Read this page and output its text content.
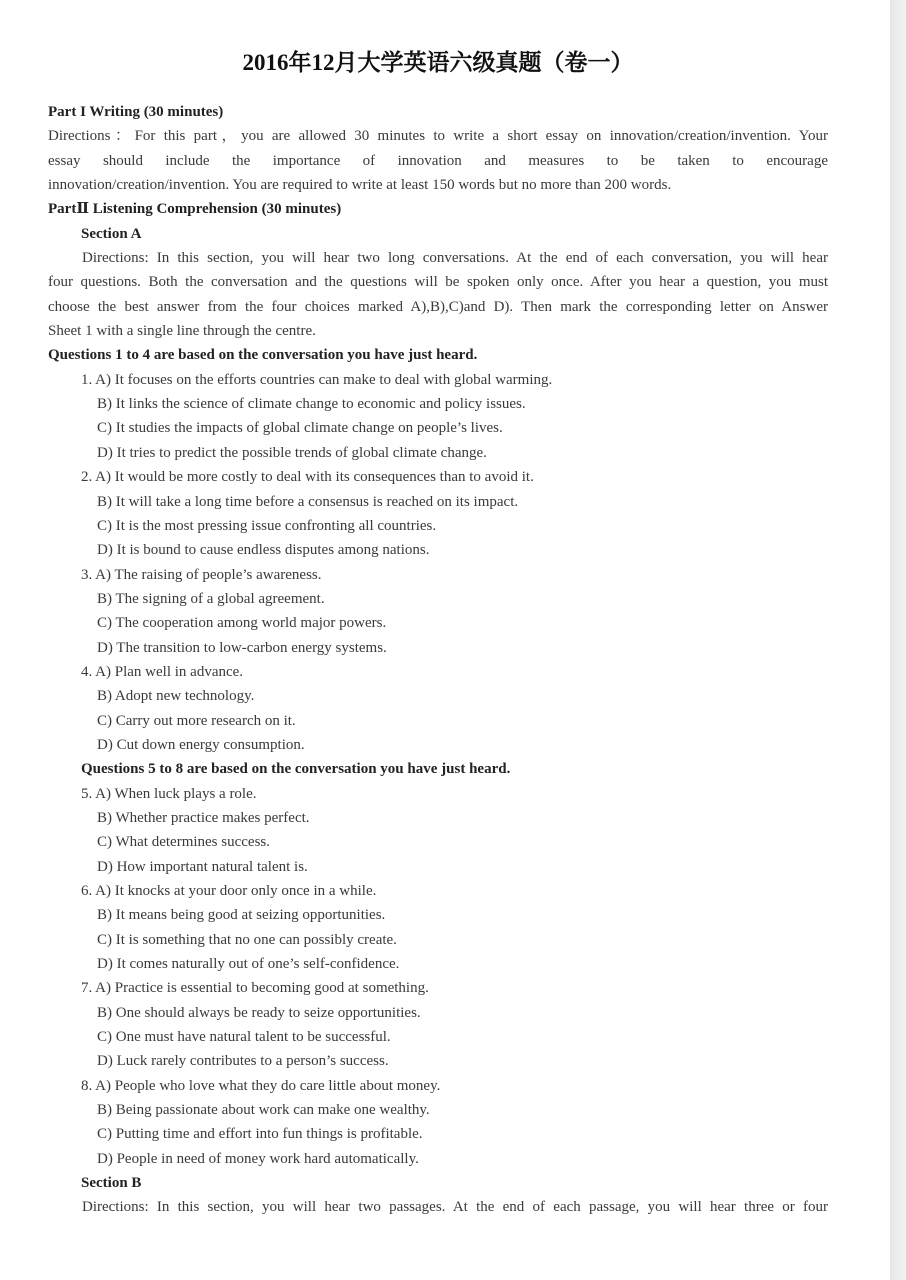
2016年12月大学英语六级真题（卷一）
Part I Writing (30 minutes)
Directions：For this part，you are allowed 30 minutes to write a short essay on innovation/creation/invention. Your
essay should include the importance of innovation and measures to be taken to encourage
innovation/creation/invention. You are required to write at least 150 words but no more than 200 words.
PartⅡ Listening Comprehension (30 minutes)
Section A
Directions: In this section, you will hear two long conversations. At the end of each conversation, you will hear
four questions. Both the conversation and the questions will be spoken only once. After you hear a question, you must
choose the best answer from the four choices marked A),B),C)and D). Then mark the corresponding letter on Answer
Sheet 1 with a single line through the centre.
Questions 1 to 4 are based on the conversation you have just heard.
1. A) It focuses on the efforts countries can make to deal with global warming.
B) It links the science of climate change to economic and policy issues.
C) It studies the impacts of global climate change on people’s lives.
D) It tries to predict the possible trends of global climate change.
2. A) It would be more costly to deal with its consequences than to avoid it.
B) It will take a long time before a consensus is reached on its impact.
C) It is the most pressing issue confronting all countries.
D) It is bound to cause endless disputes among nations.
3. A) The raising of people’s awareness.
B) The signing of a global agreement.
C) The cooperation among world major powers.
D) The transition to low-carbon energy systems.
4. A) Plan well in advance.
B) Adopt new technology.
C) Carry out more research on it.
D) Cut down energy consumption.
Questions 5 to 8 are based on the conversation you have just heard.
5. A) When luck plays a role.
B) Whether practice makes perfect.
C) What determines success.
D) How important natural talent is.
6. A) It knocks at your door only once in a while.
B) It means being good at seizing opportunities.
C) It is something that no one can possibly create.
D) It comes naturally out of one’s self-confidence.
7. A) Practice is essential to becoming good at something.
B) One should always be ready to seize opportunities.
C) One must have natural talent to be successful.
D) Luck rarely contributes to a person’s success.
8. A) People who love what they do care little about money.
B) Being passionate about work can make one wealthy.
C) Putting time and effort into fun things is profitable.
D) People in need of money work hard automatically.
Section B
Directions: In this section, you will hear two passages. At the end of each passage, you will hear three or four
